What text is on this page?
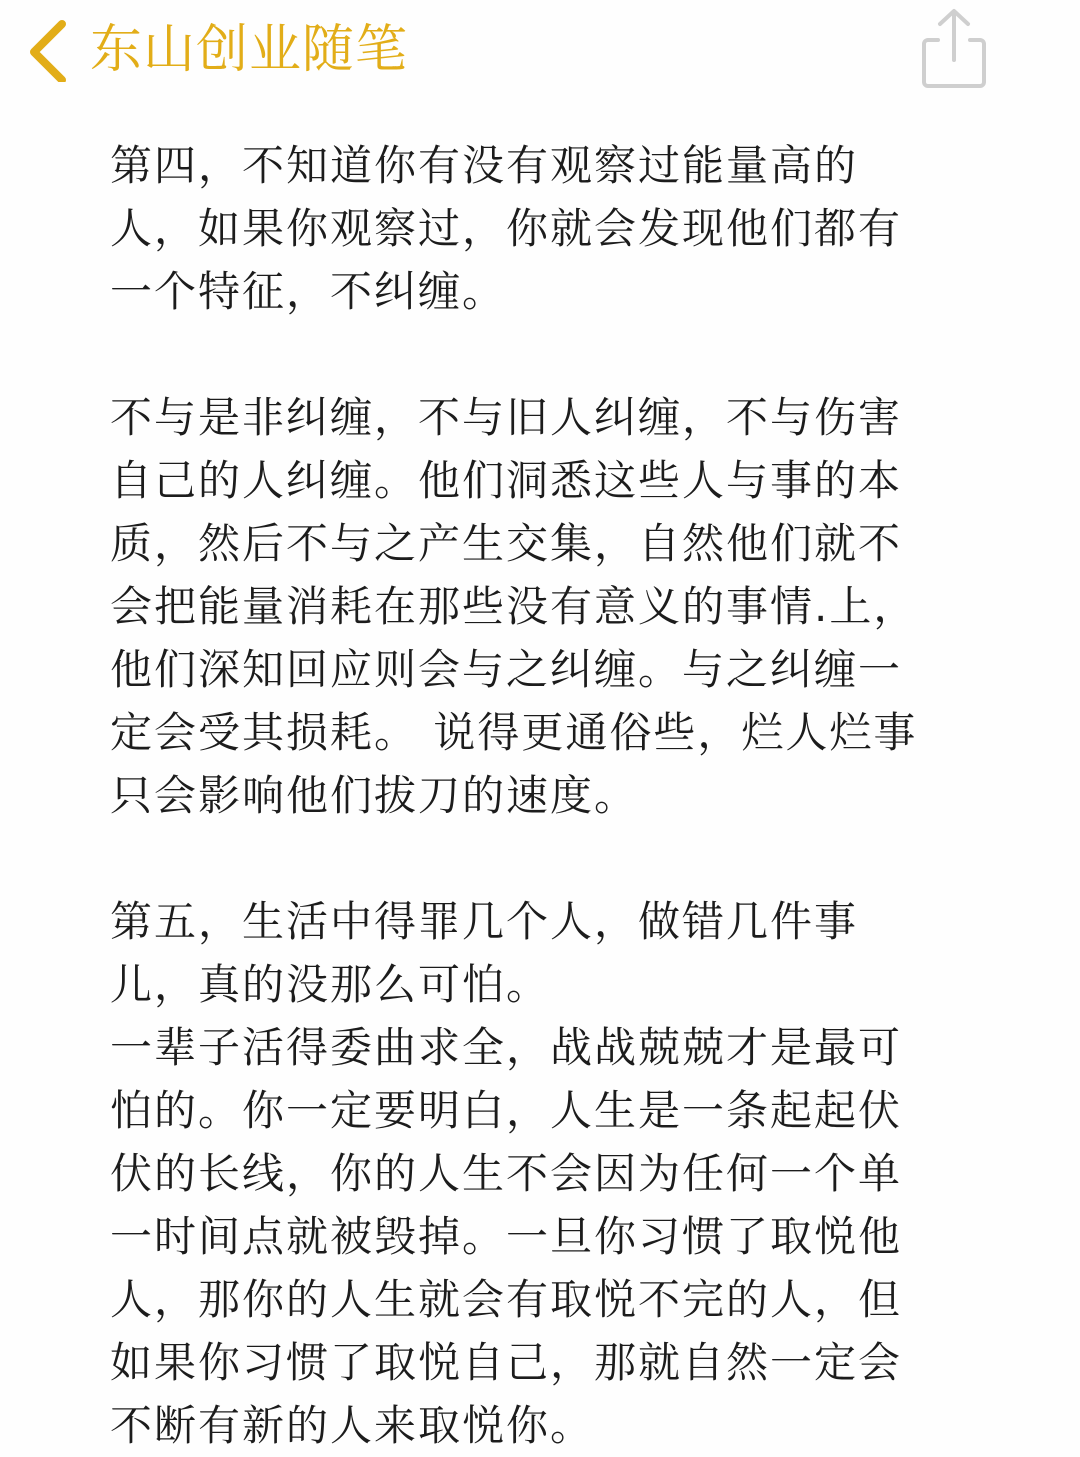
东山创业随笔
第四，不知道你有没有观察过能量高的
人，如果你观察过，你就会发现他们都有
一个特征，不纠缠。
不与是非纠缠，不与旧人纠缠，不与伤害
自己的人纠缠。他们洞悉这些人与事的本
质，然后不与之产生交集，自然他们就不
会把能量消耗在那些没有意义的事情.上，
他们深知回应则会与之纠缠。与之纠缠一
定会受其损耗。 说得更通俗些，烂人烂事
只会影响他们拔刀的速度。
第五，生活中得罪几个人，做错几件事
儿，真的没那么可怕。
一辈子活得委曲求全，战战兢兢才是最可
怕的。你一定要明白，人生是一条起起伏
伏的长线，你的人生不会因为任何一个单
一时间点就被毁掉。一旦你习惯了取悦他
人，那你的人生就会有取悦不完的人，但
如果你习惯了取悦自己，那就自然一定会
不断有新的人来取悦你。
